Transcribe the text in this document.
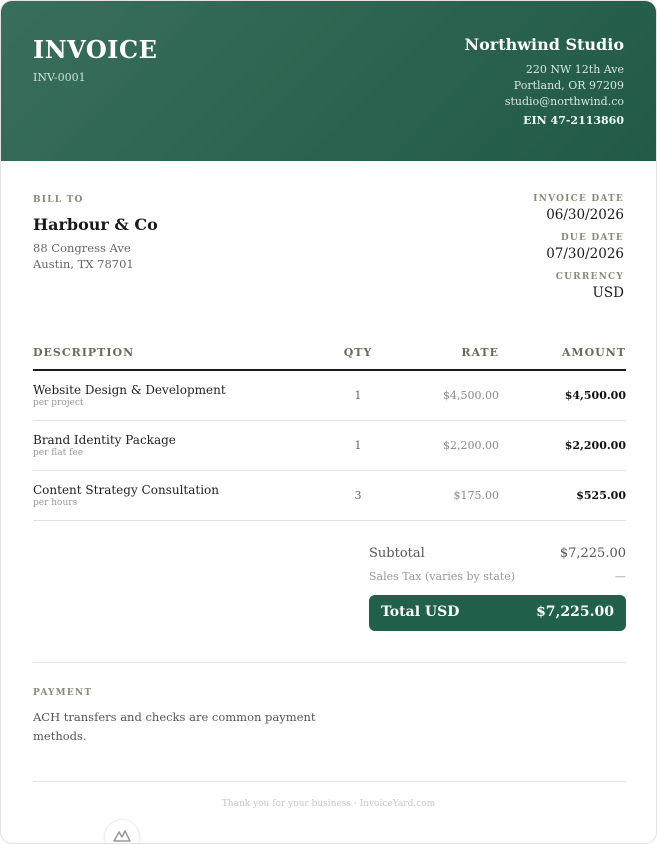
INVOICE
INV-0001
Northwind Studio
220 NW 12th Ave
Portland, OR 97209
studio@northwind.co
EIN 47-2113860
BILL TO
Harbour & Co
88 Congress Ave
Austin, TX 78701
INVOICE DATE
06/30/2026
DUE DATE
07/30/2026
CURRENCY
USD
DESCRIPTION	QTY	RATE	AMOUNT
Website Design & Development
per project
1	$4,500.00	$4,500.00
Brand Identity Package
per flat fee
1	$2,200.00	$2,200.00
Content Strategy Consultation
per hours
3	$175.00	$525.00
Subtotal	$7,225.00
Sales Tax (varies by state)	—
Total USD	$7,225.00
PAYMENT
ACH transfers and checks are common payment methods.
Thank you for your business · InvoiceYard.com
